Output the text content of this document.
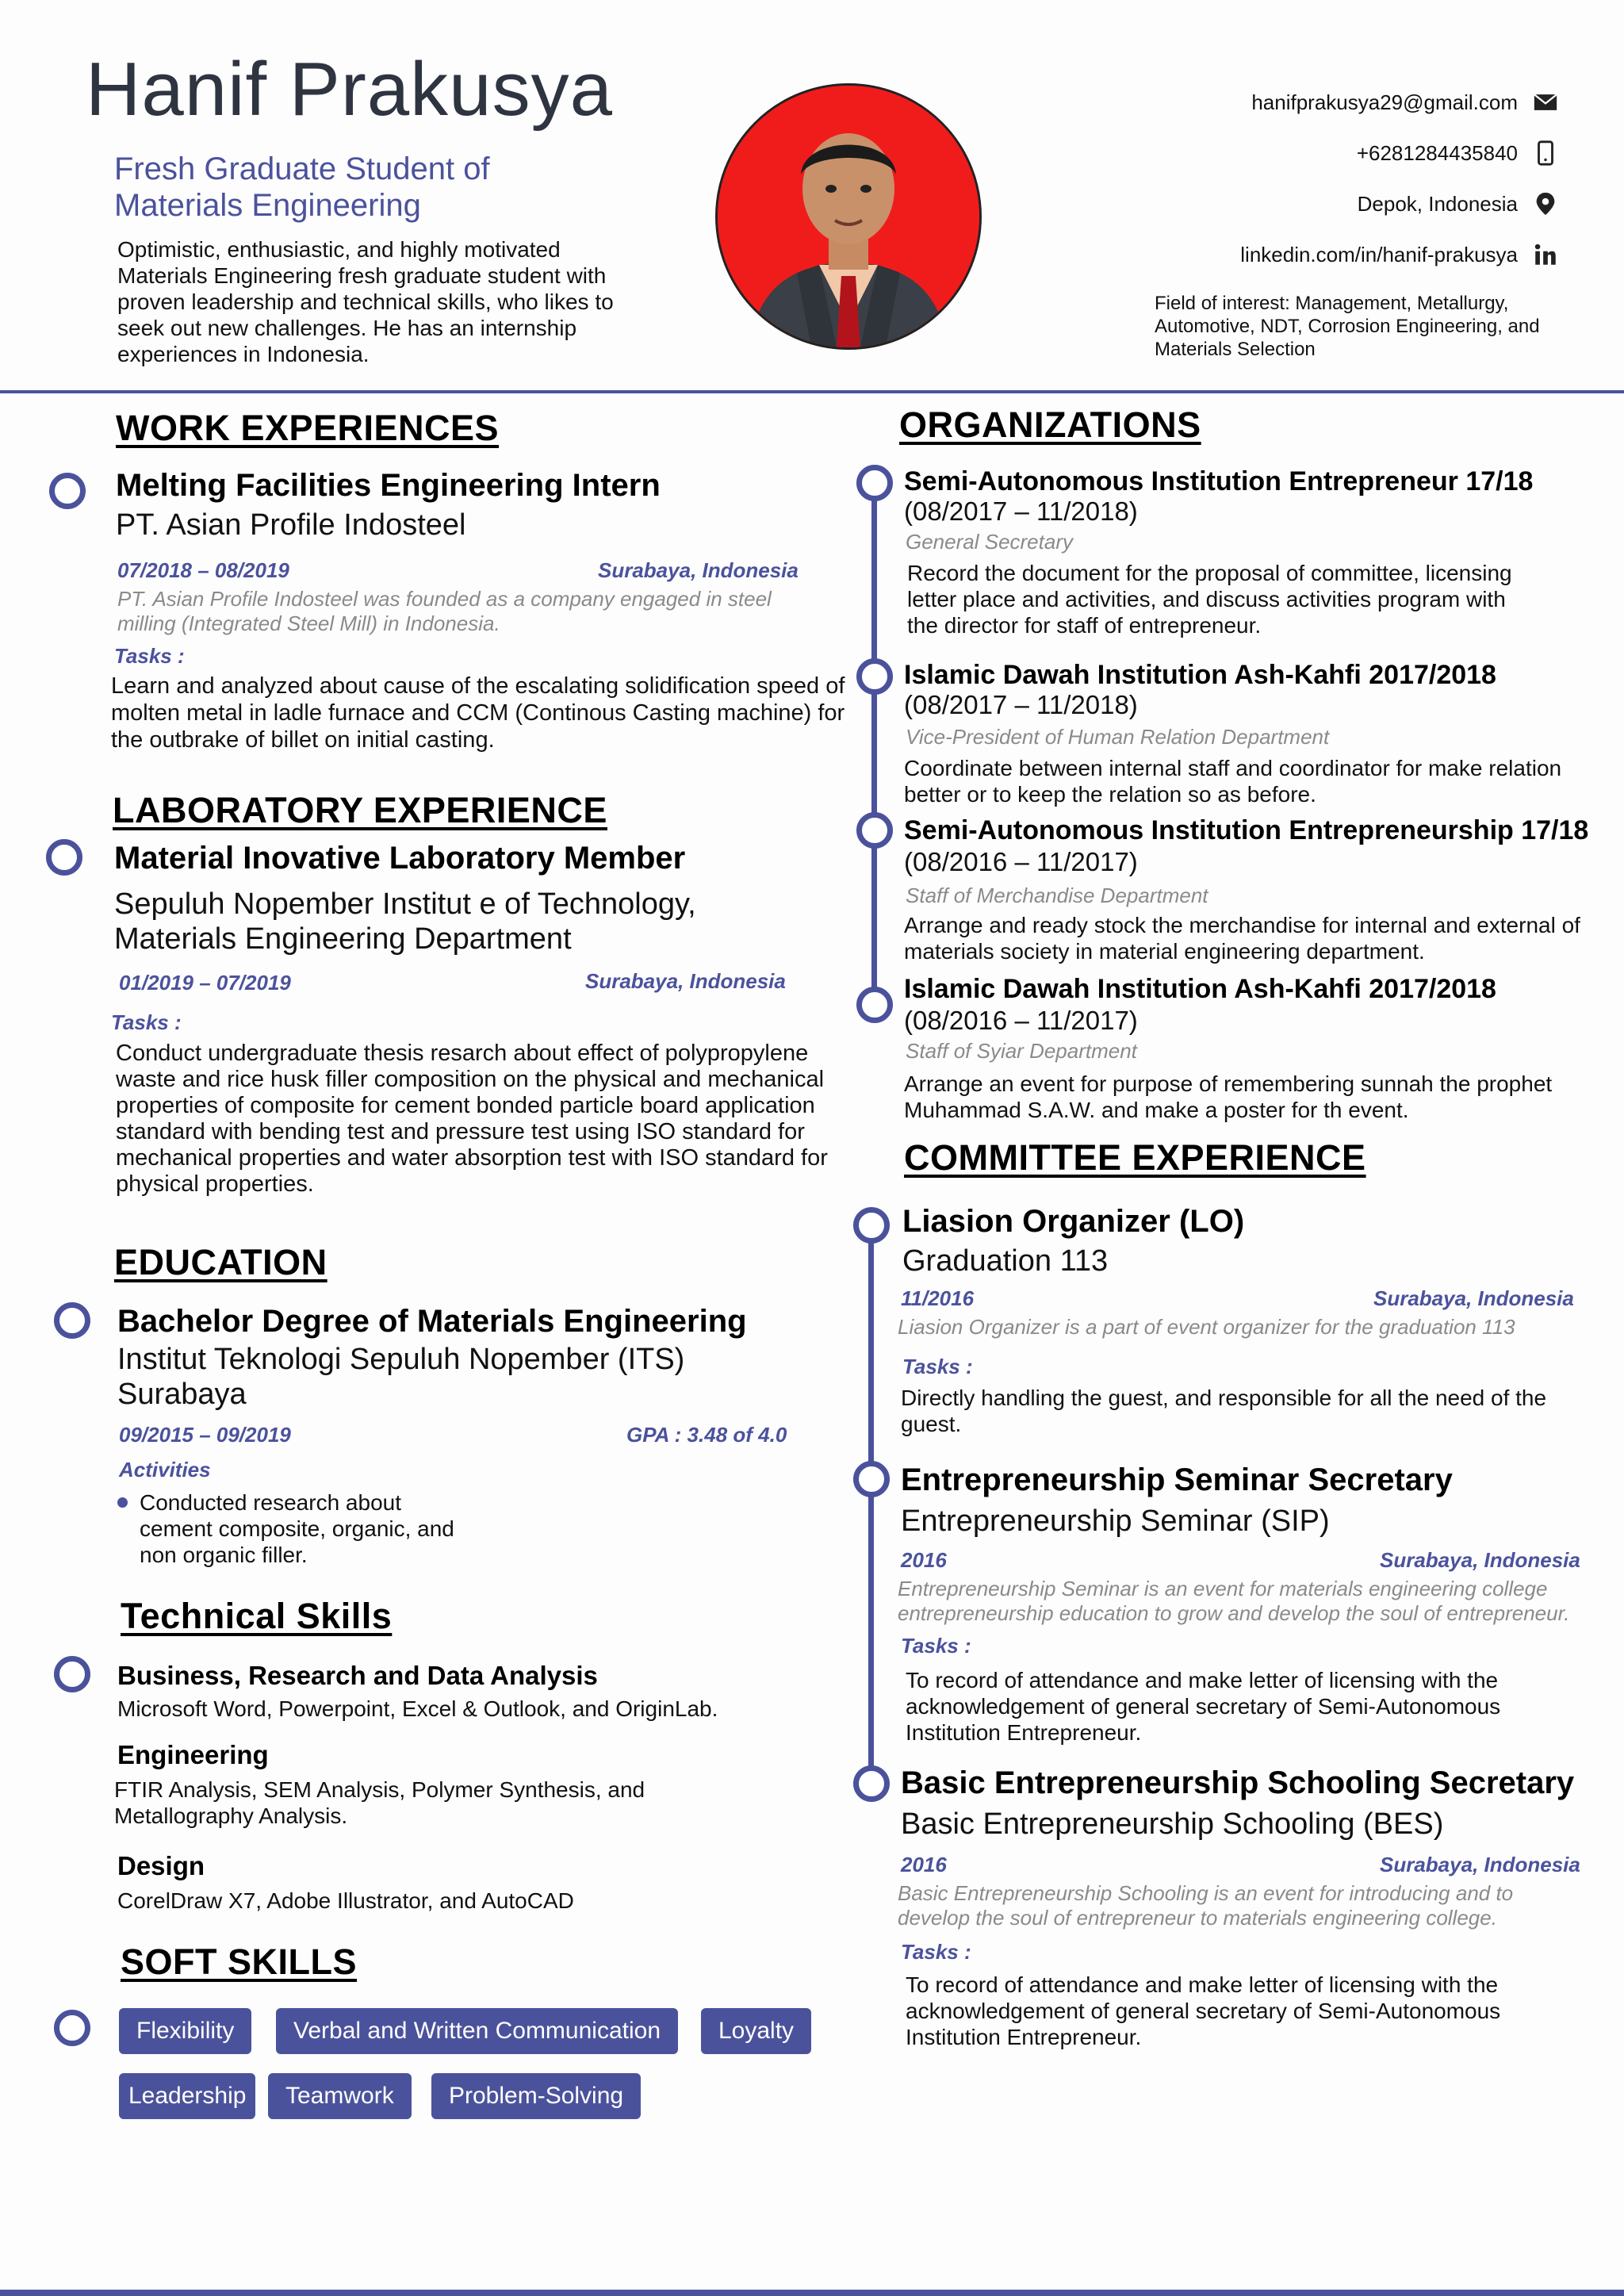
Hanif Prakusya
Fresh Graduate Student of
Materials Engineering
Optimistic, enthusiastic, and highly motivated Materials Engineering fresh graduate student with proven leadership and technical skills, who likes to seek out new challenges. He has an internship experiences in Indonesia.
hanifprakusya29@gmail.com
+6281284435840
Depok, Indonesia
linkedin.com/in/hanif-prakusya
Field of interest: Management, Metallurgy, Automotive, NDT, Corrosion Engineering, and Materials Selection
WORK EXPERIENCES
Melting Facilities Engineering Intern
PT. Asian Profile Indosteel
07/2018 – 08/2019	Surabaya, Indonesia
PT. Asian Profile Indosteel was founded as a company engaged in steel milling (Integrated Steel Mill) in Indonesia.
Tasks :
Learn and analyzed about cause of the escalating solidification speed of molten metal in ladle furnace and CCM (Continous Casting machine) for the outbrake of billet on initial casting.
LABORATORY EXPERIENCE
Material Inovative Laboratory Member
Sepuluh Nopember Institut e of Technology,
Materials Engineering Department
01/2019 – 07/2019	Surabaya, Indonesia
Tasks :
Conduct undergraduate thesis resarch about effect of polypropylene waste and rice husk filler composition on the physical and mechanical properties of composite for cement bonded particle board application standard with bending test and pressure test using ISO standard for mechanical properties and water absorption test with ISO standard for physical properties.
EDUCATION
Bachelor Degree of Materials Engineering
Institut Teknologi Sepuluh Nopember (ITS)
Surabaya
09/2015 – 09/2019	GPA : 3.48 of 4.0
Activities
Conducted research about cement composite, organic, and non organic filler.
Technical Skills
Business, Research and Data Analysis
Microsoft Word, Powerpoint, Excel & Outlook, and OriginLab.
Engineering
FTIR Analysis, SEM Analysis, Polymer Synthesis, and Metallography Analysis.
Design
CorelDraw X7, Adobe Illustrator, and AutoCAD
SOFT SKILLS
Flexibility	Verbal and Written Communication	Loyalty
Leadership	Teamwork	Problem-Solving
ORGANIZATIONS
Semi-Autonomous Institution Entrepreneur 17/18
(08/2017 – 11/2018)
General Secretary
Record the document for the proposal of committee, licensing letter place and activities, and discuss activities program with the director for staff of entrepreneur.
Islamic Dawah Institution Ash-Kahfi 2017/2018
(08/2017 – 11/2018)
Vice-President of Human Relation Department
Coordinate between internal staff and coordinator for make relation better or to keep the relation so as before.
Semi-Autonomous Institution Entrepreneurship 17/18
(08/2016 – 11/2017)
Staff of Merchandise Department
Arrange and ready stock the merchandise for internal and external of materials society in material engineering department.
Islamic Dawah Institution Ash-Kahfi 2017/2018
(08/2016 – 11/2017)
Staff of Syiar Department
Arrange an event for purpose of remembering sunnah the prophet Muhammad S.A.W. and make a poster for th event.
COMMITTEE EXPERIENCE
Liasion Organizer (LO)
Graduation 113
11/2016	Surabaya, Indonesia
Liasion Organizer is a part of event organizer for the graduation 113
Tasks :
Directly handling the guest, and responsible for all the need of the guest.
Entrepreneurship Seminar Secretary
Entrepreneurship Seminar (SIP)
2016	Surabaya, Indonesia
Entrepreneurship Seminar is an event for materials engineering college entrepreneurship education to grow and develop the soul of entrepreneur.
Tasks :
To record of attendance and make letter of licensing with the acknowledgement of general secretary of Semi-Autonomous Institution Entrepreneur.
Basic Entrepreneurship Schooling Secretary
Basic Entrepreneurship Schooling (BES)
2016	Surabaya, Indonesia
Basic Entrepreneurship Schooling is an event for introducing and to develop the soul of entrepreneur to materials engineering college.
Tasks :
To record of attendance and make letter of licensing with the acknowledgement of general secretary of Semi-Autonomous Institution Entrepreneur.
